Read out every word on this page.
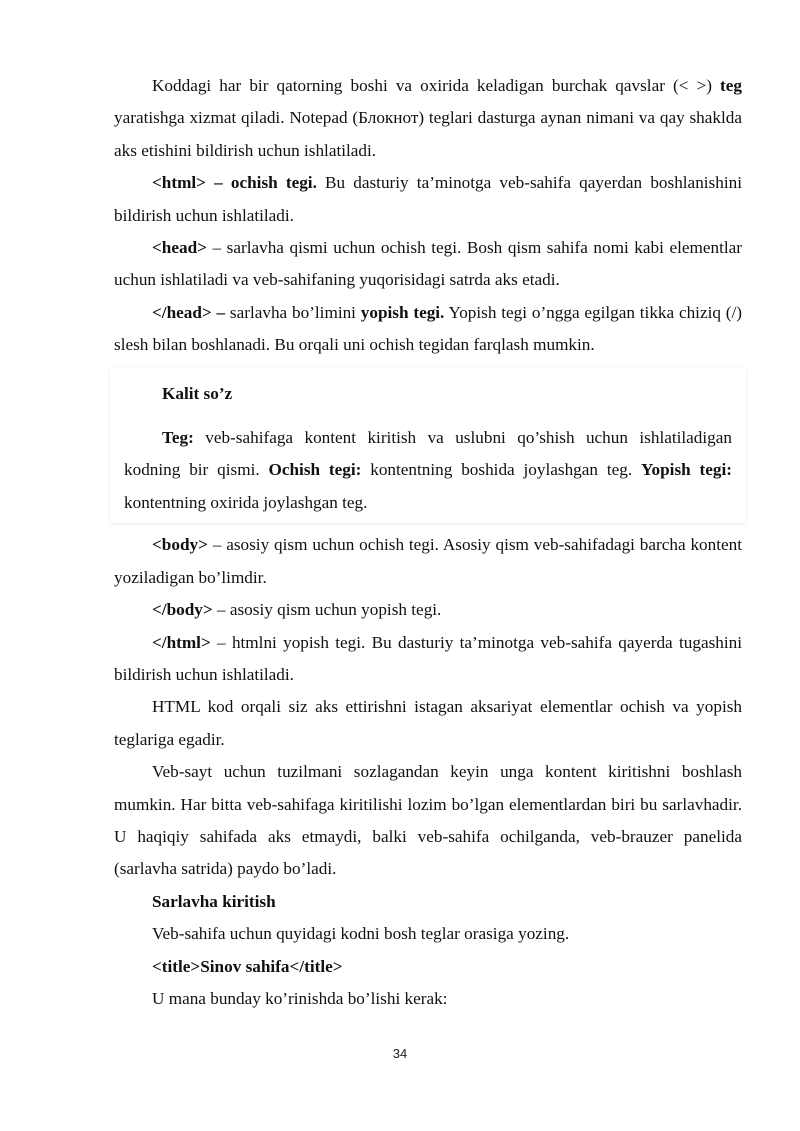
Koddagi har bir qatorning boshi va oxirida keladigan burchak qavslar (< >) teg yaratishga xizmat qiladi. Notepad (Блокнот) teglari dasturga aynan nimani va qay shaklda aks etishini bildirish uchun ishlatiladi.

<html> – ochish tegi. Bu dasturiy ta’minotga veb-sahifa qayerdan boshlanishini bildirish uchun ishlatiladi.

<head> – sarlavha qismi uchun ochish tegi. Bosh qism sahifa nomi kabi elementlar uchun ishlatiladi va veb-sahifaning yuqorisidagi satrda aks etadi.

</head> – sarlavha bo’limini yopish tegi. Yopish tegi o’ngga egilgan tikka chiziq (/) slesh bilan boshlanadi. Bu orqali uni ochish tegidan farqlash mumkin.

Kalit so’z

Teg: veb-sahifaga kontent kiritish va uslubni qo’shish uchun ishlatiladigan kodning bir qismi. Ochish tegi: kontentning boshida joylashgan teg. Yopish tegi: kontentning oxirida joylashgan teg.

<body> – asosiy qism uchun ochish tegi. Asosiy qism veb-sahifadagi barcha kontent yoziladigan bo’limdir.

</body> – asosiy qism uchun yopish tegi.

</html> – htmlni yopish tegi. Bu dasturiy ta’minotga veb-sahifa qayerda tugashini bildirish uchun ishlatiladi.

HTML kod orqali siz aks ettirishni istagan aksariyat elementlar ochish va yopish teglariga egadir.

Veb-sayt uchun tuzilmani sozlagandan keyin unga kontent kiritishni boshlash mumkin. Har bitta veb-sahifaga kiritilishi lozim bo’lgan elementlardan biri bu sarlavhadir. U haqiqiy sahifada aks etmaydi, balki veb-sahifa ochilganda, veb-brauzer panelida (sarlavha satrida) paydo bo’ladi.

Sarlavha kiritish

Veb-sahifa uchun quyidagi kodni bosh teglar orasiga yozing.

<title>Sinov sahifa</title>

U mana bunday ko’rinishda bo’lishi kerak:

34
